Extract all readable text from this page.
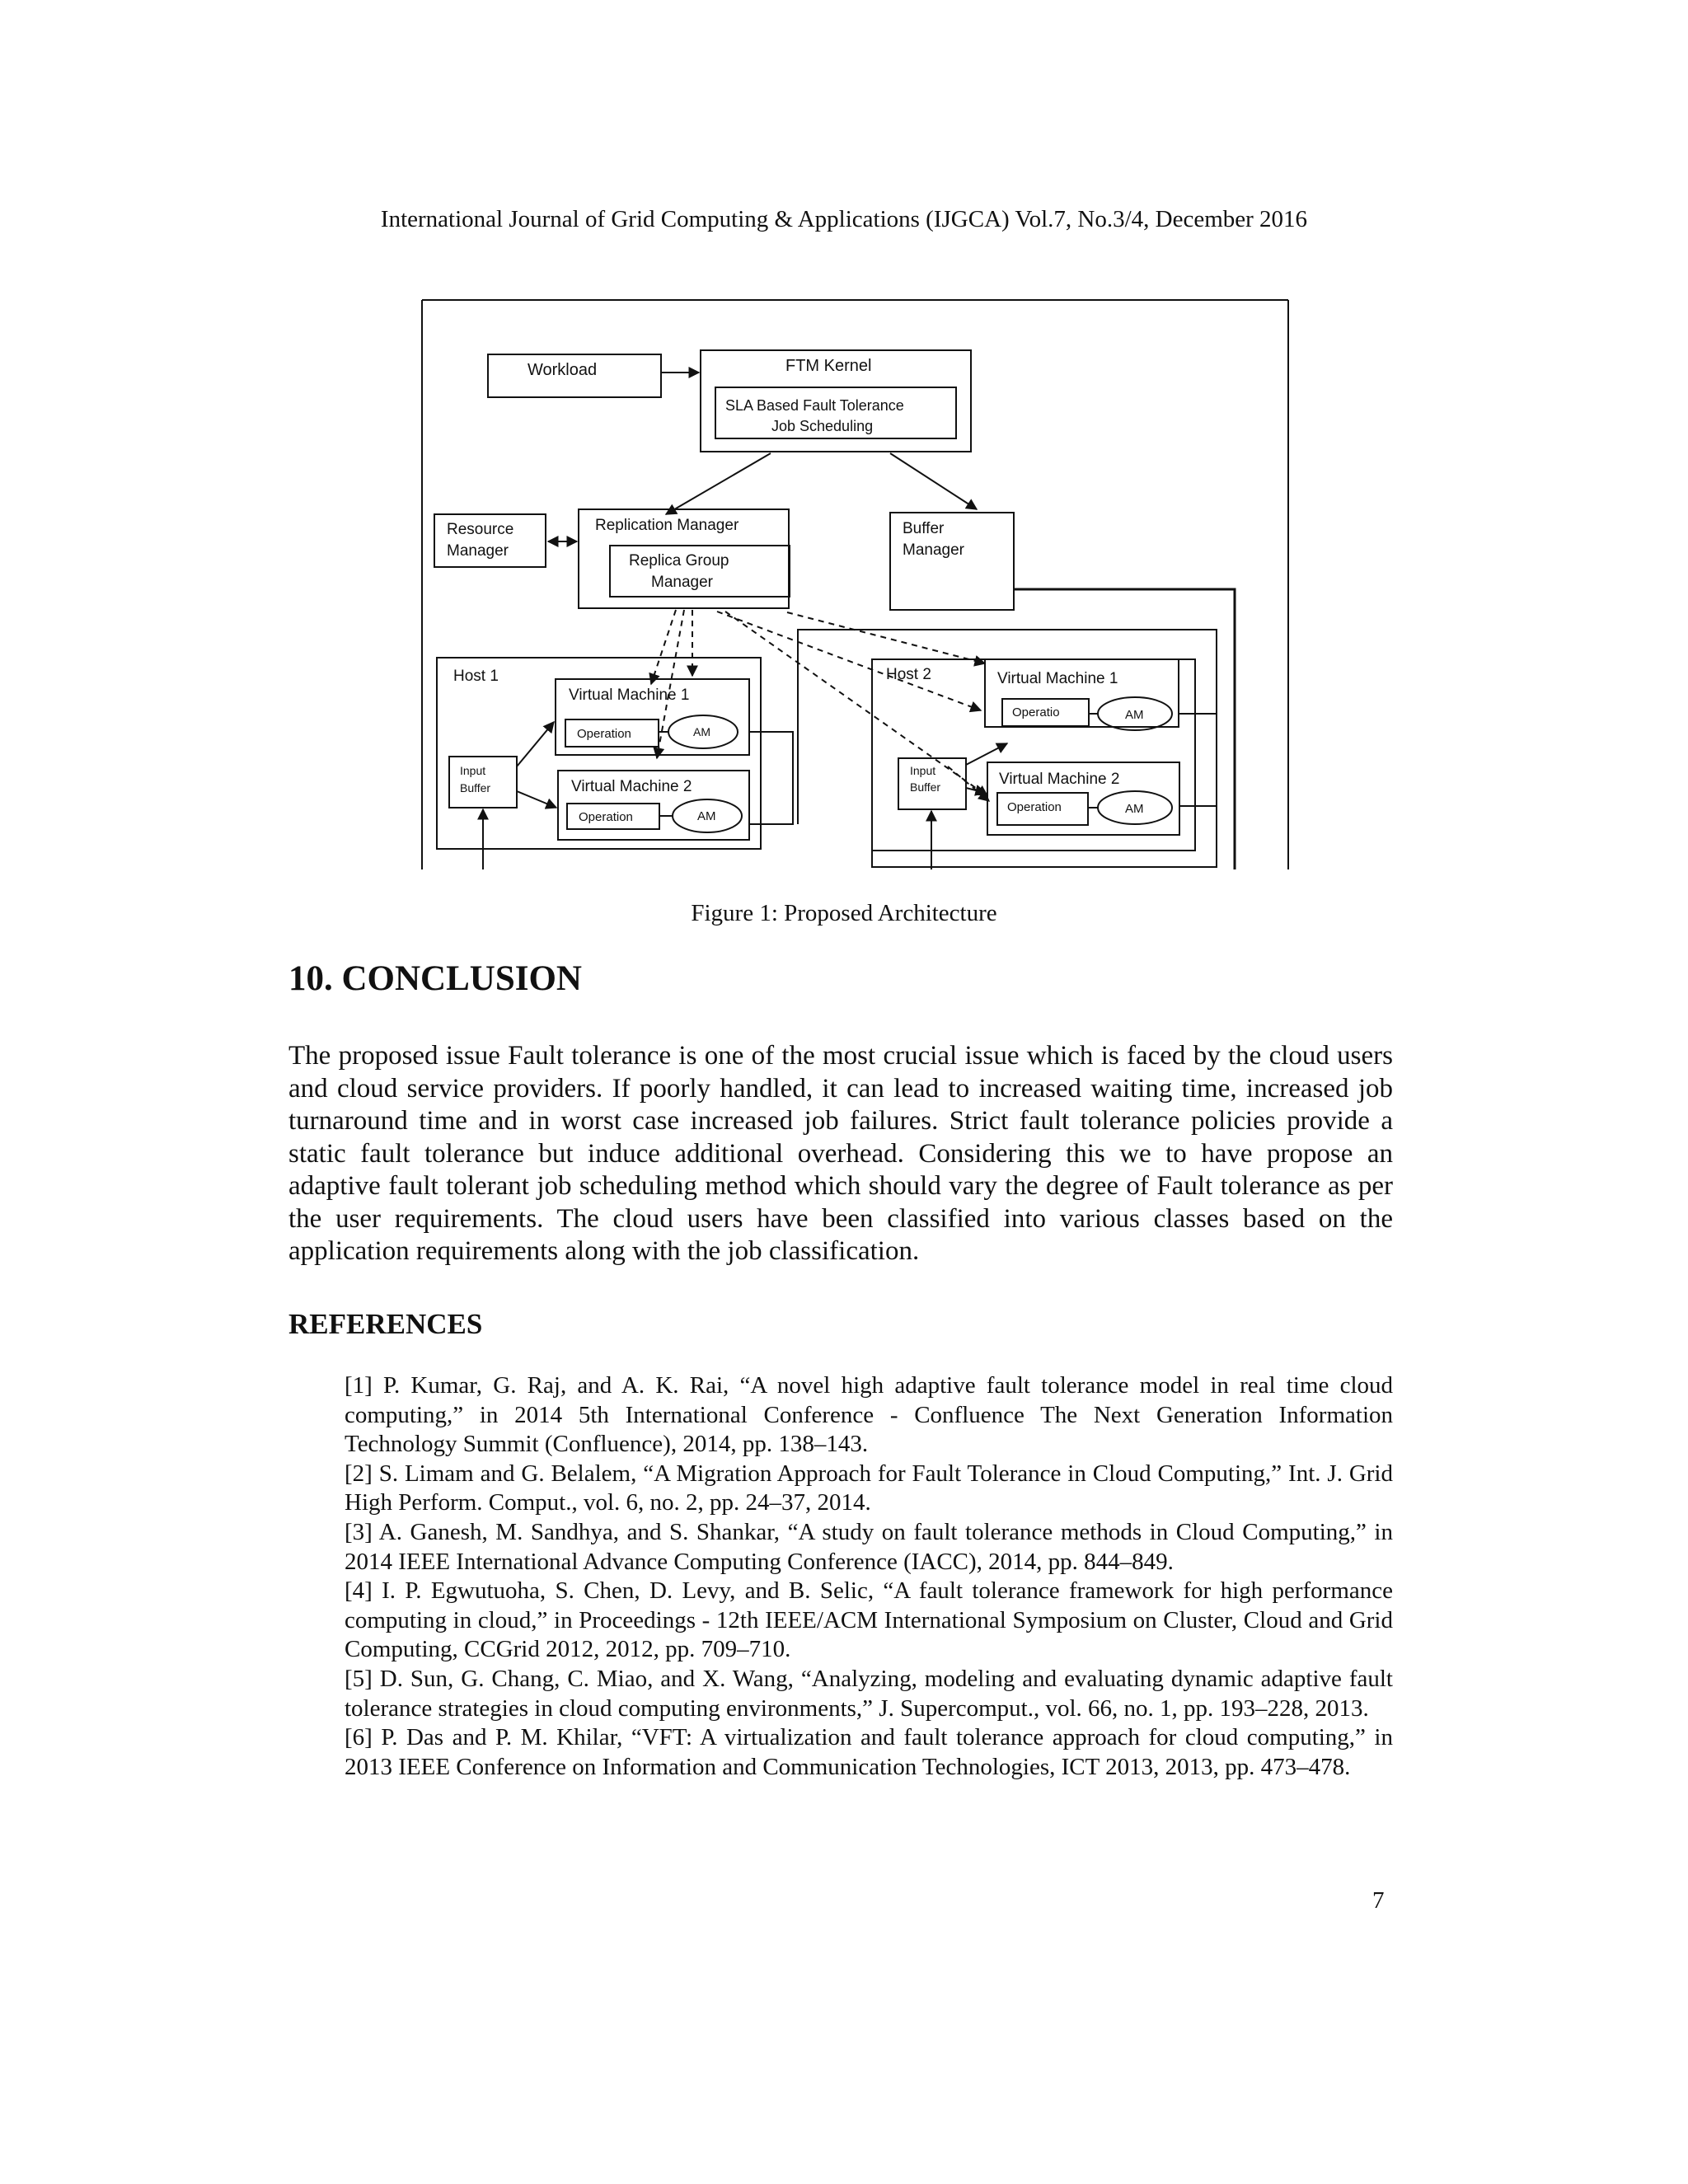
International Journal of Grid Computing & Applications (IJGCA) Vol.7, No.3/4, December 2016
Workload	FTM Kernel
SLA Based Fault Tolerance
Job Scheduling
Resource
Manager
Replication Manager
Replica Group
Manager
Buffer
Manager
Host 1
Virtual Machine 1
Operation	AM
Virtual Machine 2
Operation	AM
Input
Buffer
Host 2	Virtual Machine 1
Operatio	AM
Virtual Machine 2
Operation	AM
Input
Buffer
Figure 1: Proposed Architecture
10. CONCLUSION
The proposed issue Fault tolerance is one of the most crucial issue which is faced by the cloud users and cloud service providers. If poorly handled, it can lead to increased waiting time, increased job turnaround time and in worst case increased job failures. Strict fault tolerance policies provide a static fault tolerance but induce additional overhead. Considering this we to have propose an adaptive fault tolerant job scheduling method which should vary the degree of Fault tolerance as per the user requirements. The cloud users have been classified into various classes based on the application requirements along with the job classification.
REFERENCES

[1] P. Kumar, G. Raj, and A. K. Rai, “A novel high adaptive fault tolerance model in real time cloud computing,” in 2014 5th International Conference - Confluence The Next Generation Information Technology Summit (Confluence), 2014, pp. 138–143.

[2] S. Limam and G. Belalem, “A Migration Approach for Fault Tolerance in Cloud Computing,” Int. J. Grid High Perform. Comput., vol. 6, no. 2, pp. 24–37, 2014.

[3] A. Ganesh, M. Sandhya, and S. Shankar, “A study on fault tolerance methods in Cloud Computing,” in 2014 IEEE International Advance Computing Conference (IACC), 2014, pp. 844–849.

[4] I. P. Egwutuoha, S. Chen, D. Levy, and B. Selic, “A fault tolerance framework for high performance computing in cloud,” in Proceedings - 12th IEEE/ACM International Symposium on Cluster, Cloud and Grid Computing, CCGrid 2012, 2012, pp. 709–710.

[5] D. Sun, G. Chang, C. Miao, and X. Wang, “Analyzing, modeling and evaluating dynamic adaptive fault tolerance strategies in cloud computing environments,” J. Supercomput., vol. 66, no. 1, pp. 193–228, 2013.

[6] P. Das and P. M. Khilar, “VFT: A virtualization and fault tolerance approach for cloud computing,” in 2013 IEEE Conference on Information and Communication Technologies, ICT 2013, 2013, pp. 473–478.

7
